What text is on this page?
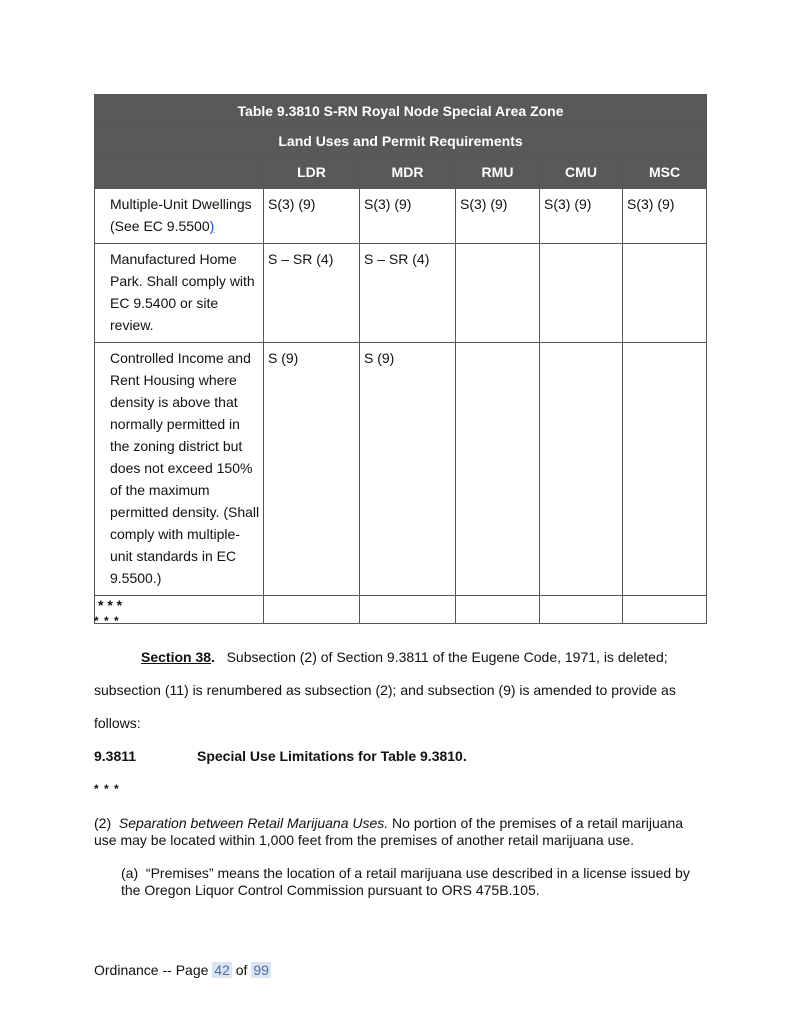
Table 9.3810 S-RN Royal Node Special Area Zone					
Land Uses and Permit Requirements					
	LDR	MDR	RMU	CMU	MSC
Multiple-Unit Dwellings (See EC 9.5500)	S(3) (9)	S(3) (9)	S(3) (9)	S(3) (9)	S(3) (9)
Manufactured Home Park. Shall comply with EC 9.5400 or site review.	S – SR (4)	S – SR (4)			
Controlled Income and Rent Housing where density is above that normally permitted in the zoning district but does not exceed 150% of the maximum permitted density. (Shall comply with multiple-unit standards in EC 9.5500.)	S (9)	S (9)			
* * *					
* * *
Section 38. Subsection (2) of Section 9.3811 of the Eugene Code, 1971, is deleted;
subsection (11) is renumbered as subsection (2); and subsection (9) is amended to provide as
follows:
9.3811	Special Use Limitations for Table 9.3810.
* * *
(2) Separation between Retail Marijuana Uses. No portion of the premises of a retail marijuana use may be located within 1,000 feet from the premises of another retail marijuana use.
(a) “Premises” means the location of a retail marijuana use described in a license issued by the Oregon Liquor Control Commission pursuant to ORS 475B.105.
Ordinance -- Page 42 of 99
